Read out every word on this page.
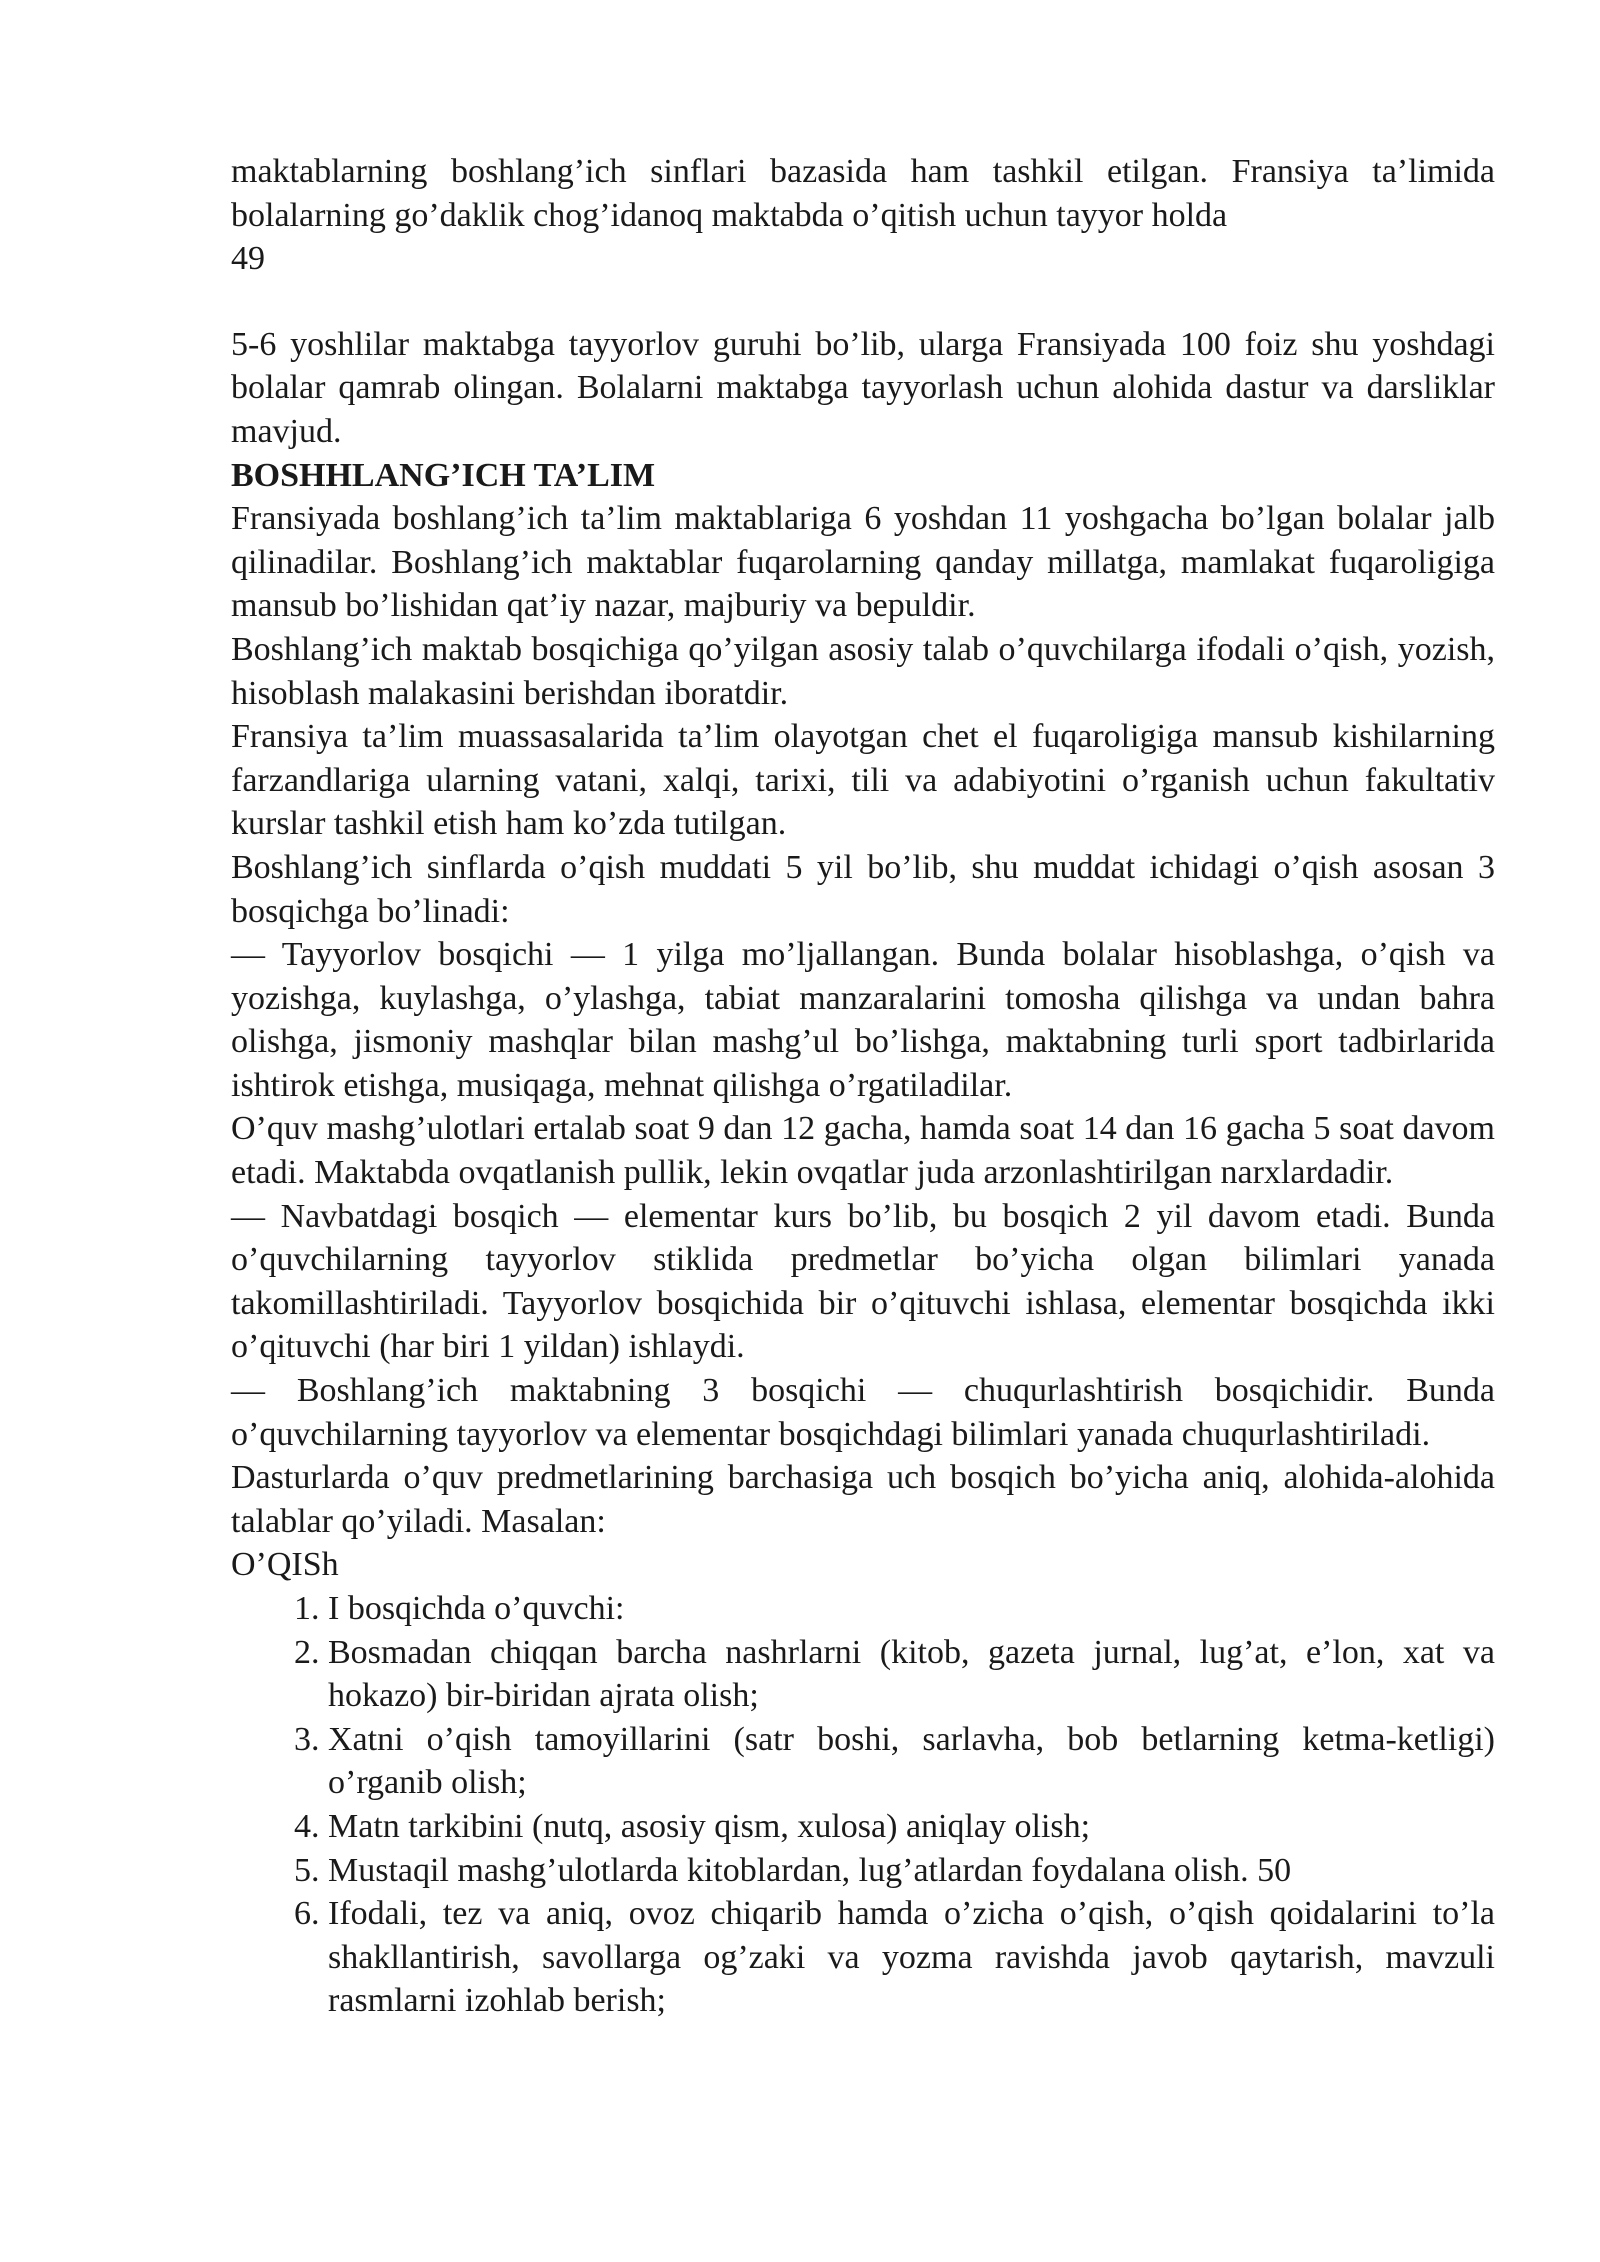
maktablarning boshlang’ich sinflari bazasida ham tashkil etilgan. Fransiya ta’limida bolalarning go’daklik chog’idanoq maktabda o’qitish uchun tayyor holda

49

5-6 yoshlilar maktabga tayyorlov guruhi bo’lib, ularga Fransiyada 100 foiz shu yoshdagi bolalar qamrab olingan. Bolalarni maktabga tayyorlash uchun alohida dastur va darsliklar mavjud.

BOSHHLANG’ICH TA’LIM

Fransiyada boshlang’ich ta’lim maktablariga 6 yoshdan 11 yoshgacha bo’lgan bolalar jalb qilinadilar. Boshlang’ich maktablar fuqarolarning qanday millatga, mamlakat fuqaroligiga mansub bo’lishidan qat’iy nazar, majburiy va bepuldir.

Boshlang’ich maktab bosqichiga qo’yilgan asosiy talab o’quvchilarga ifodali o’qish, yozish, hisoblash malakasini berishdan iboratdir.

Fransiya ta’lim muassasalarida ta’lim olayotgan chet el fuqaroligiga mansub kishilarning farzandlariga ularning vatani, xalqi, tarixi, tili va adabiyotini o’rganish uchun fakultativ kurslar tashkil etish ham ko’zda tutilgan.

Boshlang’ich sinflarda o’qish muddati 5 yil bo’lib, shu muddat ichidagi o’qish asosan 3 bosqichga bo’linadi:

— Tayyorlov bosqichi — 1 yilga mo’ljallangan. Bunda bolalar hisoblashga, o’qish va yozishga, kuylashga, o’ylashga, tabiat manzaralarini tomosha qilishga va undan bahra olishga, jismoniy mashqlar bilan mashg’ul bo’lishga, maktabning turli sport tadbirlarida ishtirok etishga, musiqaga, mehnat qilishga o’rgatiladilar.

O’quv mashg’ulotlari ertalab soat 9 dan 12 gacha, hamda soat 14 dan 16 gacha 5 soat davom etadi. Maktabda ovqatlanish pullik, lekin ovqatlar juda arzonlashtirilgan narxlardadir.

— Navbatdagi bosqich — elementar kurs bo’lib, bu bosqich 2 yil davom etadi. Bunda o’quvchilarning tayyorlov stiklida predmetlar bo’yicha olgan bilimlari yanada takomillashtiriladi. Tayyorlov bosqichida bir o’qituvchi ishlasa, elementar bosqichda ikki o’qituvchi (har biri 1 yildan) ishlaydi.

— Boshlang’ich maktabning 3 bosqichi — chuqurlashtirish bosqichidir. Bunda o’quvchilarning tayyorlov va elementar bosqichdagi bilimlari yanada chuqurlashtiriladi.

Dasturlarda o’quv predmetlarining barchasiga uch bosqich bo’yicha aniq, alohida-alohida talablar qo’yiladi. Masalan:

O’QISh

1. I bosqichda o’quvchi:
2. Bosmadan chiqqan barcha nashrlarni (kitob, gazeta jurnal, lug’at, e’lon, xat va hokazo) bir-biridan ajrata olish;
3. Xatni o’qish tamoyillarini (satr boshi, sarlavha, bob betlarning ketma-ketligi) o’rganib olish;
4. Matn tarkibini (nutq, asosiy qism, xulosa) aniqlay olish;
5. Mustaqil mashg’ulotlarda kitoblardan, lug’atlardan foydalana olish. 50
6. Ifodali, tez va aniq, ovoz chiqarib hamda o’zicha o’qish, o’qish qoidalarini to’la shakllantirish, savollarga og’zaki va yozma ravishda javob qaytarish, mavzuli rasmlarni izohlab berish;
